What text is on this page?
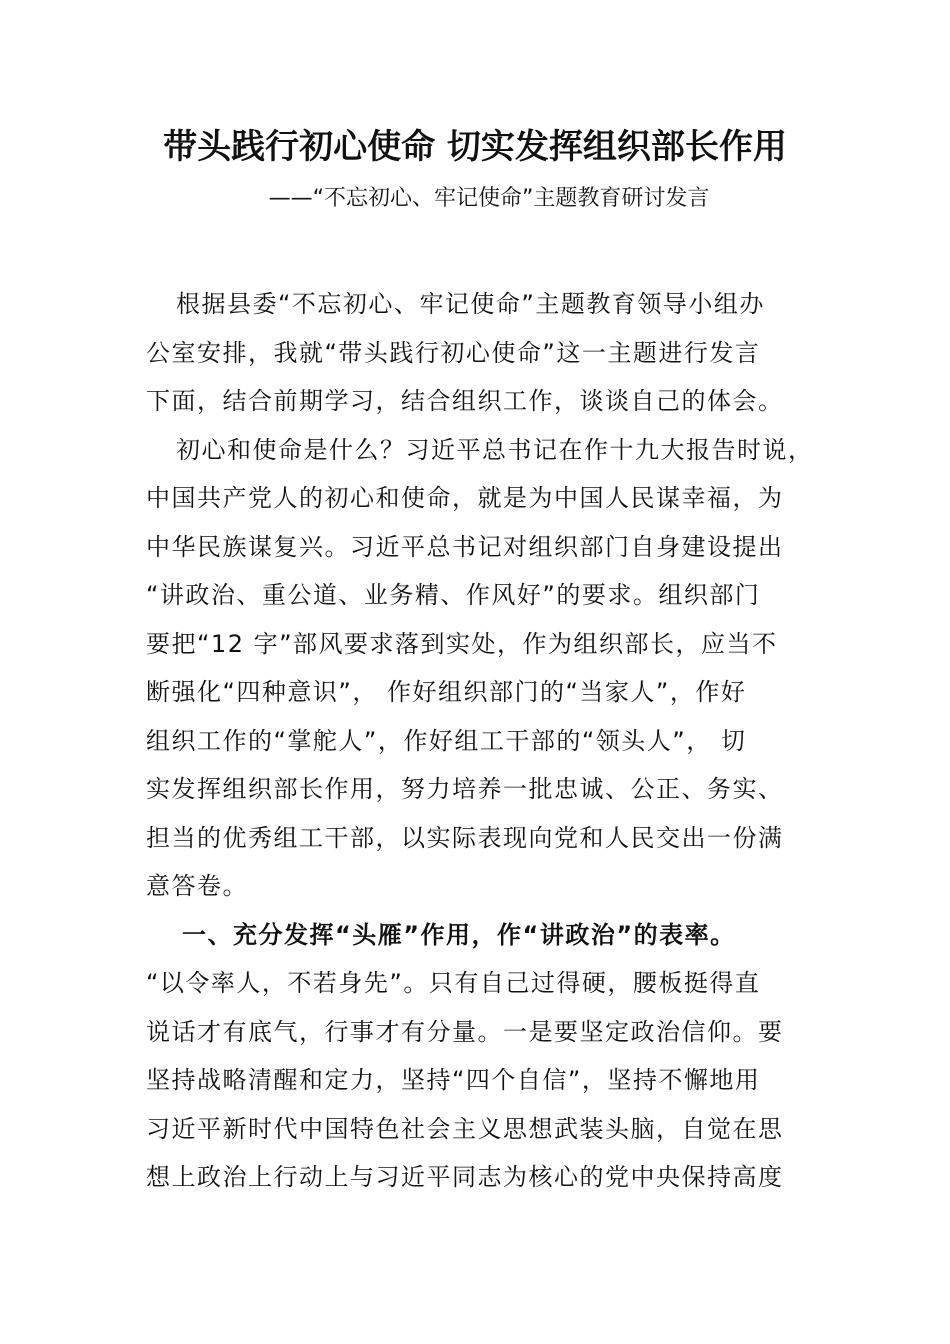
带头践行初心使命 切实发挥组织部长作用
——“不忘初心、牢记使命”主题教育研讨发言
根据县委“不忘初心、牢记使命”主题教育领导小组办
公室安排，我就“带头践行初心使命”这一主题进行发言
下面，结合前期学习，结合组织工作，谈谈自己的体会。
初心和使命是什么？习近平总书记在作十九大报告时说，
中国共产党人的初心和使命，就是为中国人民谋幸福，为
中华民族谋复兴。习近平总书记对组织部门自身建设提出
“讲政治、重公道、业务精、作风好”的要求。组织部门
要把“12 字”部风要求落到实处，作为组织部长，应当不
断强化“四种意识”， 作好组织部门的“当家人”，作好
组织工作的“掌舵人”，作好组工干部的“领头人”， 切
实发挥组织部长作用，努力培养一批忠诚、公正、务实、
担当的优秀组工干部，以实际表现向党和人民交出一份满
意答卷。
一、充分发挥“头雁”作用，作“讲政治”的表率。
“以令率人，不若身先”。只有自己过得硬，腰板挺得直
说话才有底气，行事才有分量。一是要坚定政治信仰。要
坚持战略清醒和定力，坚持“四个自信”，坚持不懈地用
习近平新时代中国特色社会主义思想武装头脑，自觉在思
想上政治上行动上与习近平同志为核心的党中央保持高度
